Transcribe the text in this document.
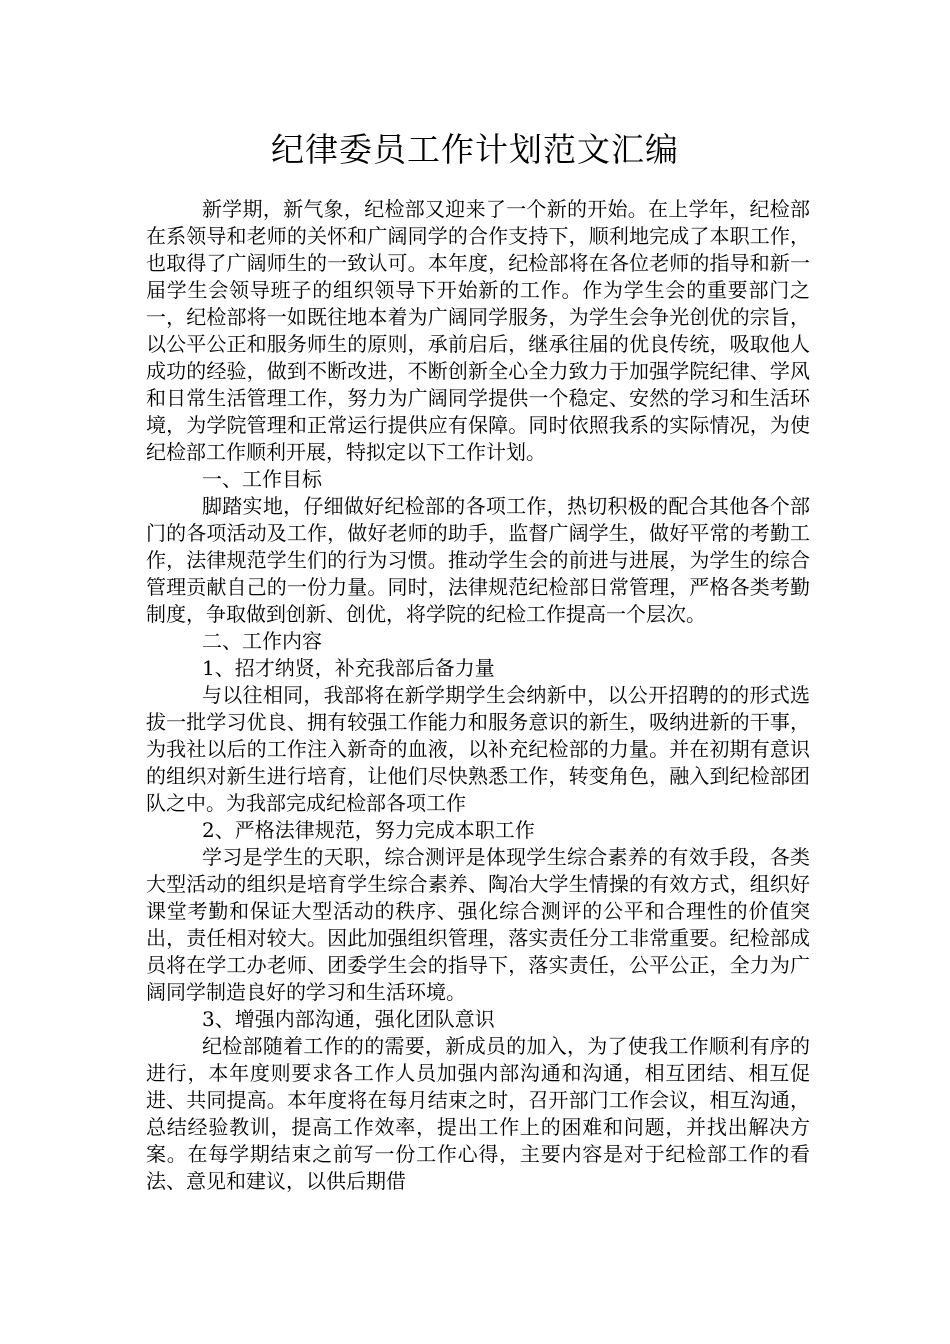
纪律委员工作计划范文汇编

新学期，新气象，纪检部又迎来了一个新的开始。在上学年，纪检部在系领导和老师的关怀和广阔同学的合作支持下，顺利地完成了本职工作，也取得了广阔师生的一致认可。本年度，纪检部将在各位老师的指导和新一届学生会领导班子的组织领导下开始新的工作。作为学生会的重要部门之一，纪检部将一如既往地本着为广阔同学服务，为学生会争光创优的宗旨，以公平公正和服务师生的原则，承前启后，继承往届的优良传统，吸取他人成功的经验，做到不断改进，不断创新全心全力致力于加强学院纪律、学风和日常生活管理工作，努力为广阔同学提供一个稳定、安然的学习和生活环境，为学院管理和正常运行提供应有保障。同时依照我系的实际情况，为使纪检部工作顺利开展，特拟定以下工作计划。

一、工作目标

脚踏实地，仔细做好纪检部的各项工作，热切积极的配合其他各个部门的各项活动及工作，做好老师的助手，监督广阔学生，做好平常的考勤工作，法律规范学生们的行为习惯。推动学生会的前进与进展，为学生的综合管理贡献自己的一份力量。同时，法律规范纪检部日常管理，严格各类考勤制度，争取做到创新、创优，将学院的纪检工作提高一个层次。

二、工作内容

1、招才纳贤，补充我部后备力量

与以往相同，我部将在新学期学生会纳新中，以公开招聘的的形式选拔一批学习优良、拥有较强工作能力和服务意识的新生，吸纳进新的干事，为我社以后的工作注入新奇的血液，以补充纪检部的力量。并在初期有意识的组织对新生进行培育，让他们尽快熟悉工作，转变角色，融入到纪检部团队之中。为我部完成纪检部各项工作

2、严格法律规范，努力完成本职工作

学习是学生的天职，综合测评是体现学生综合素养的有效手段，各类大型活动的组织是培育学生综合素养、陶冶大学生情操的有效方式，组织好课堂考勤和保证大型活动的秩序、强化综合测评的公平和合理性的价值突出，责任相对较大。因此加强组织管理，落实责任分工非常重要。纪检部成员将在学工办老师、团委学生会的指导下，落实责任，公平公正，全力为广阔同学制造良好的学习和生活环境。

3、增强内部沟通，强化团队意识

纪检部随着工作的的需要，新成员的加入，为了使我工作顺利有序的进行，本年度则要求各工作人员加强内部沟通和沟通，相互团结、相互促进、共同提高。本年度将在每月结束之时，召开部门工作会议，相互沟通，总结经验教训，提高工作效率，提出工作上的困难和问题，并找出解决方案。在每学期结束之前写一份工作心得，主要内容是对于纪检部工作的看法、意见和建议，以供后期借
